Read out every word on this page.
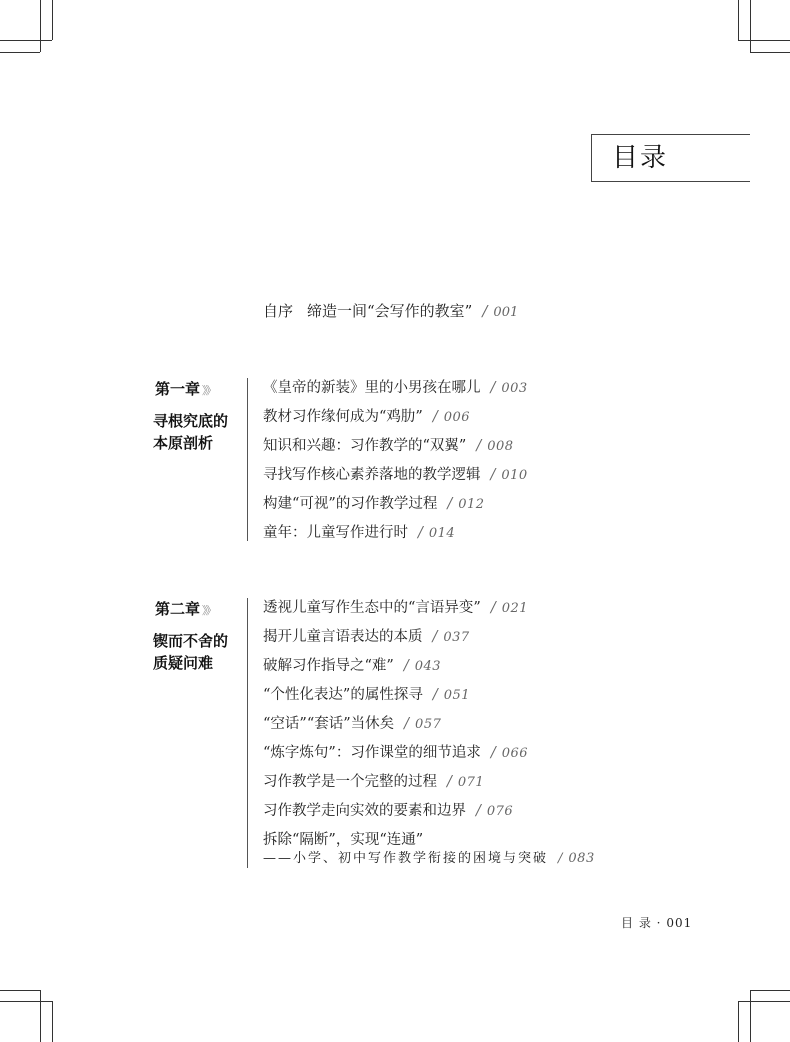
目录
自序 缔造一间“会写作的教室” / 001
第一章 》》
寻根究底的
本原剖析
《皇帝的新装》里的小男孩在哪儿 / 003
教材习作缘何成为“鸡肋” / 006
知识和兴趣：习作教学的“双翼” / 008
寻找写作核心素养落地的教学逻辑 / 010
构建“可视”的习作教学过程 / 012
童年：儿童写作进行时 / 014
第二章 》》
锲而不舍的
质疑问难
透视儿童写作生态中的“言语异变” / 021
揭开儿童言语表达的本质 / 037
破解习作指导之“难” / 043
“个性化表达”的属性探寻 / 051
“空话”“套话”当休矣 / 057
“炼字炼句”：习作课堂的细节追求 / 066
习作教学是一个完整的过程 / 071
习作教学走向实效的要素和边界 / 076
拆除“隔断”，实现“连通”
——小学、初中写作教学衔接的困境与突破 / 083
目 录 · 001
